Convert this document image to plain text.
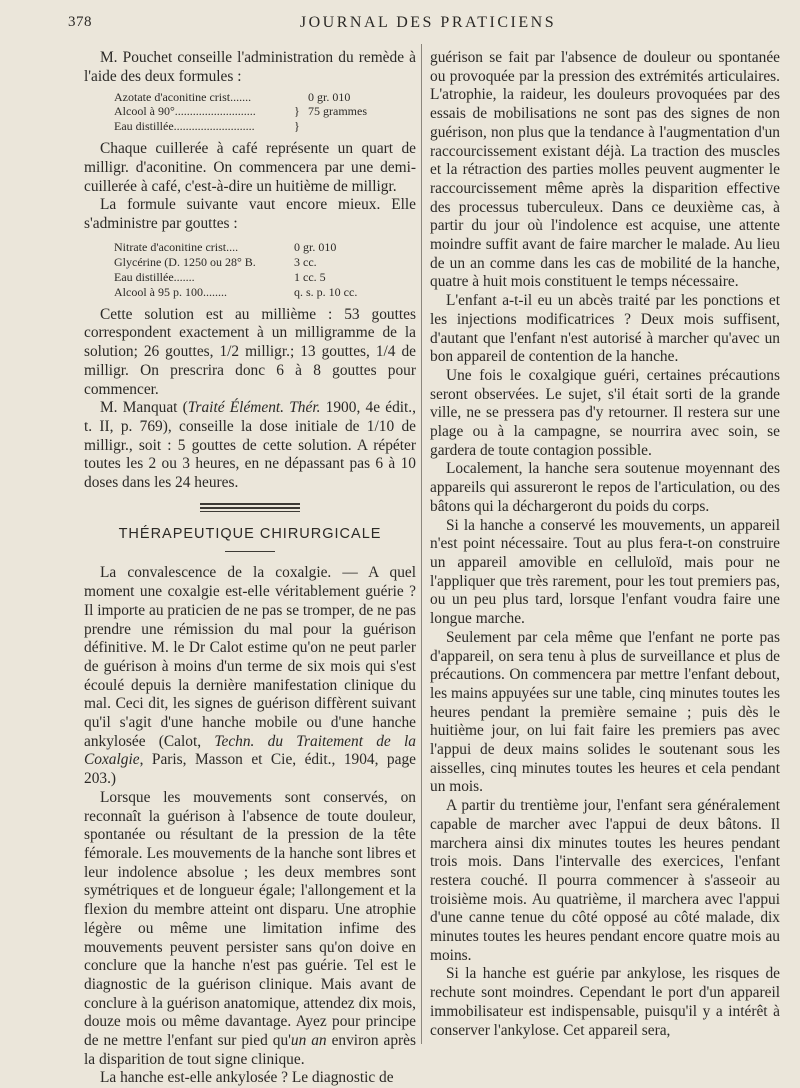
378	JOURNAL DES PRATICIENS

M. Pouchet conseille l'administration du remède à l'aide des deux formules :

Azotate d'aconitine crist.......	0 gr. 010
Alcool à 90°...........................	} 75 grammes
Eau distillée...........................	}

Chaque cuillerée à café représente un quart de milligr. d'aconitine. On commencera par une demi-cuillerée à café, c'est-à-dire un huitième de milligr.

La formule suivante vaut encore mieux. Elle s'administre par gouttes :

Nitrate d'aconitine crist....	0 gr. 010
Glycérine (D. 1250 ou 28° B.	3 cc.
Eau distillée.......	1 cc. 5
Alcool à 95 p. 100........	q. s. p. 10 cc.

Cette solution est au millième : 53 gouttes correspondent exactement à un milligramme de la solution; 26 gouttes, 1/2 milligr.; 13 gouttes, 1/4 de milligr. On prescrira donc 6 à 8 gouttes pour commencer.

M. Manquat (Traité Élément. Thér. 1900, 4e édit., t. II, p. 769), conseille la dose initiale de 1/10 de milligr., soit : 5 gouttes de cette solution. A répéter toutes les 2 ou 3 heures, en ne dépassant pas 6 à 10 doses dans les 24 heures.

THÉRAPEUTIQUE CHIRURGICALE

La convalescence de la coxalgie. — A quel moment une coxalgie est-elle véritablement guérie ? Il importe au praticien de ne pas se tromper, de ne pas prendre une rémission du mal pour la guérison définitive. M. le Dr Calot estime qu'on ne peut parler de guérison à moins d'un terme de six mois qui s'est écoulé depuis la dernière manifestation clinique du mal. Ceci dit, les signes de guérison diffèrent suivant qu'il s'agit d'une hanche mobile ou d'une hanche ankylosée (Calot, Techn. du Traitement de la Coxalgie, Paris, Masson et Cie, édit., 1904, page 203.)

Lorsque les mouvements sont conservés, on reconnaît la guérison à l'absence de toute douleur, spontanée ou résultant de la pression de la tête fémorale. Les mouvements de la hanche sont libres et leur indolence absolue ; les deux membres sont symétriques et de longueur égale; l'allongement et la flexion du membre atteint ont disparu. Une atrophie légère ou même une limitation infime des mouvements peuvent persister sans qu'on doive en conclure que la hanche n'est pas guérie. Tel est le diagnostic de la guérison clinique. Mais avant de conclure à la guérison anatomique, attendez dix mois, douze mois ou même davantage. Ayez pour principe de ne mettre l'enfant sur pied qu'un an environ après la disparition de tout signe clinique.

La hanche est-elle ankylosée ? Le diagnostic de

guérison se fait par l'absence de douleur ou spontanée ou provoquée par la pression des extrémités articulaires. L'atrophie, la raideur, les douleurs provoquées par des essais de mobilisations ne sont pas des signes de non guérison, non plus que la tendance à l'augmentation d'un raccourcissement existant déjà. La traction des muscles et la rétraction des parties molles peuvent augmenter le raccourcissement même après la disparition effective des processus tuberculeux. Dans ce deuxième cas, à partir du jour où l'indolence est acquise, une attente moindre suffit avant de faire marcher le malade. Au lieu de un an comme dans les cas de mobilité de la hanche, quatre à huit mois constituent le temps nécessaire.

L'enfant a-t-il eu un abcès traité par les ponctions et les injections modificatrices ? Deux mois suffisent, d'autant que l'enfant n'est autorisé à marcher qu'avec un bon appareil de contention de la hanche.

Une fois le coxalgique guéri, certaines précautions seront observées. Le sujet, s'il était sorti de la grande ville, ne se pressera pas d'y retourner. Il restera sur une plage ou à la campagne, se nourrira avec soin, se gardera de toute contagion possible.

Localement, la hanche sera soutenue moyennant des appareils qui assureront le repos de l'articulation, ou des bâtons qui la déchargeront du poids du corps.

Si la hanche a conservé les mouvements, un appareil n'est point nécessaire. Tout au plus fera-t-on construire un appareil amovible en celluloïd, mais pour ne l'appliquer que très rarement, pour les tout premiers pas, ou un peu plus tard, lorsque l'enfant voudra faire une longue marche.

Seulement par cela même que l'enfant ne porte pas d'appareil, on sera tenu à plus de surveillance et plus de précautions. On commencera par mettre l'enfant debout, les mains appuyées sur une table, cinq minutes toutes les heures pendant la première semaine ; puis dès le huitième jour, on lui fait faire les premiers pas avec l'appui de deux mains solides le soutenant sous les aisselles, cinq minutes toutes les heures et cela pendant un mois.

A partir du trentième jour, l'enfant sera généralement capable de marcher avec l'appui de deux bâtons. Il marchera ainsi dix minutes toutes les heures pendant trois mois. Dans l'intervalle des exercices, l'enfant restera couché. Il pourra commencer à s'asseoir au troisième mois. Au quatrième, il marchera avec l'appui d'une canne tenue du côté opposé au côté malade, dix minutes toutes les heures pendant encore quatre mois au moins.

Si la hanche est guérie par ankylose, les risques de rechute sont moindres. Cependant le port d'un appareil immobilisateur est indispensable, puisqu'il y a intérêt à conserver l'ankylose. Cet appareil sera,
